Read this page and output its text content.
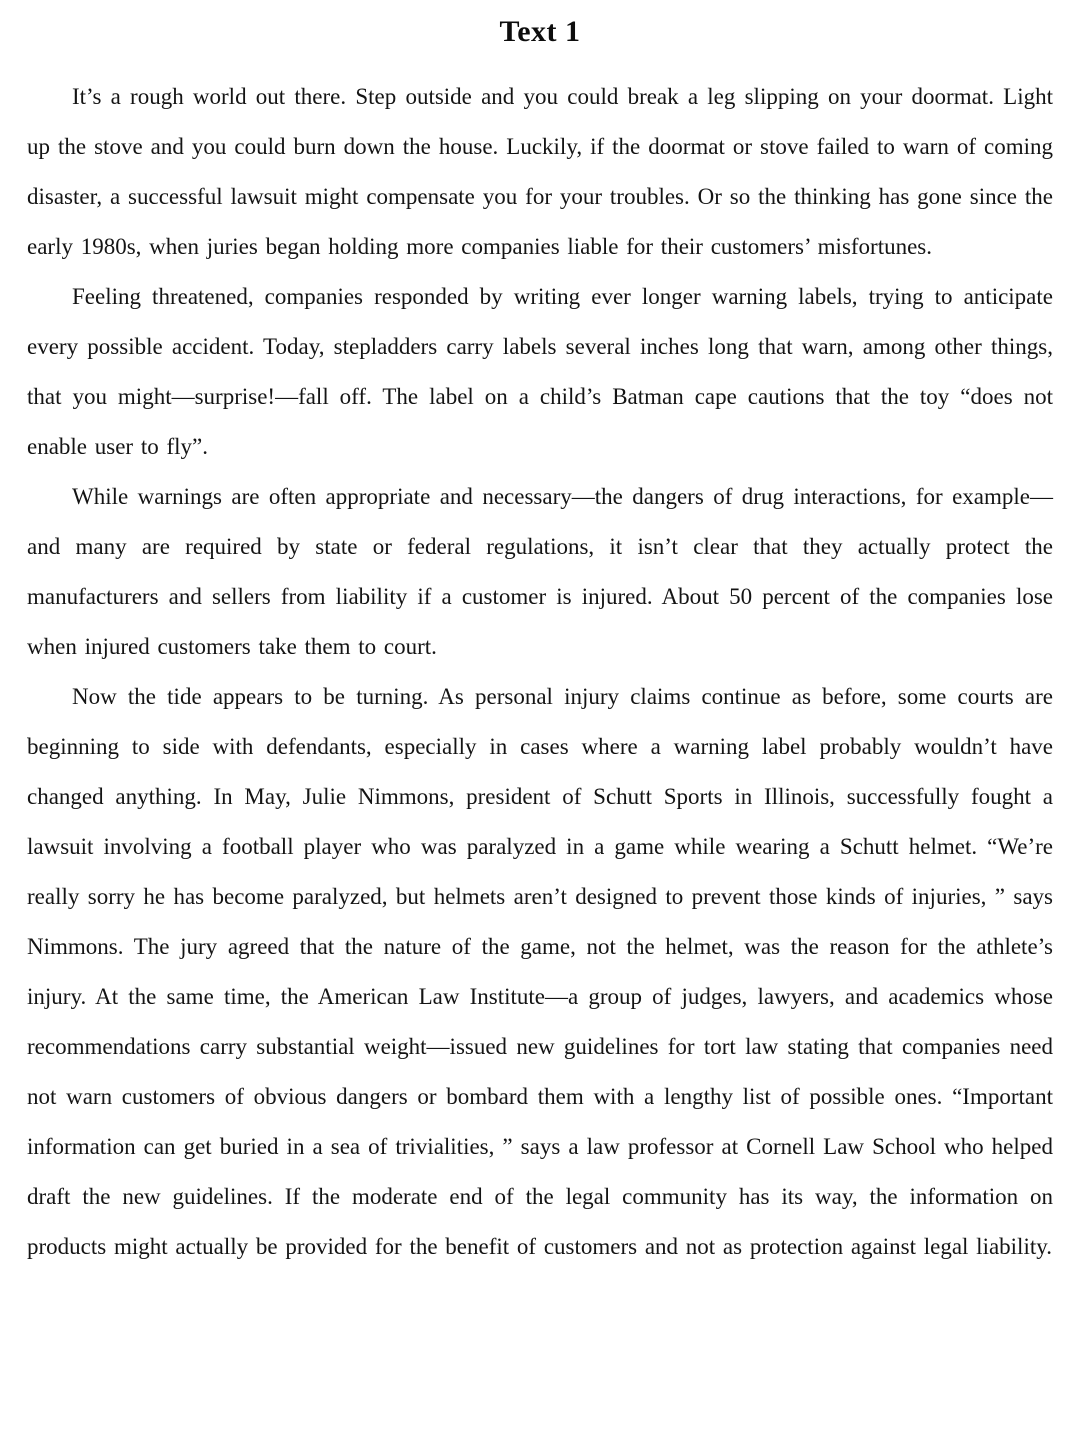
Text 1

It’s a rough world out there. Step outside and you could break a leg slipping on your doormat. Light up the stove and you could burn down the house. Luckily, if the doormat or stove failed to warn of coming disaster, a successful lawsuit might compensate you for your troubles. Or so the thinking has gone since the early 1980s, when juries began holding more companies liable for their customers’ misfortunes.

Feeling threatened, companies responded by writing ever longer warning labels, trying to anticipate every possible accident. Today, stepladders carry labels several inches long that warn, among other things, that you might—surprise!—fall off. The label on a child’s Batman cape cautions that the toy “does not enable user to fly”.

While warnings are often appropriate and necessary—the dangers of drug interactions, for example—and many are required by state or federal regulations, it isn’t clear that they actually protect the manufacturers and sellers from liability if a customer is injured. About 50 percent of the companies lose when injured customers take them to court.

Now the tide appears to be turning. As personal injury claims continue as before, some courts are beginning to side with defendants, especially in cases where a warning label probably wouldn’t have changed anything. In May, Julie Nimmons, president of Schutt Sports in Illinois, successfully fought a lawsuit involving a football player who was paralyzed in a game while wearing a Schutt helmet. “We’re really sorry he has become paralyzed, but helmets aren’t designed to prevent those kinds of injuries, ” says Nimmons. The jury agreed that the nature of the game, not the helmet, was the reason for the athlete’s injury. At the same time, the American Law Institute—a group of judges, lawyers, and academics whose recommendations carry substantial weight—issued new guidelines for tort law stating that companies need not warn customers of obvious dangers or bombard them with a lengthy list of possible ones. “Important information can get buried in a sea of trivialities, ” says a law professor at Cornell Law School who helped draft the new guidelines. If the moderate end of the legal community has its way, the information on products might actually be provided for the benefit of customers and not as protection against legal liability.
